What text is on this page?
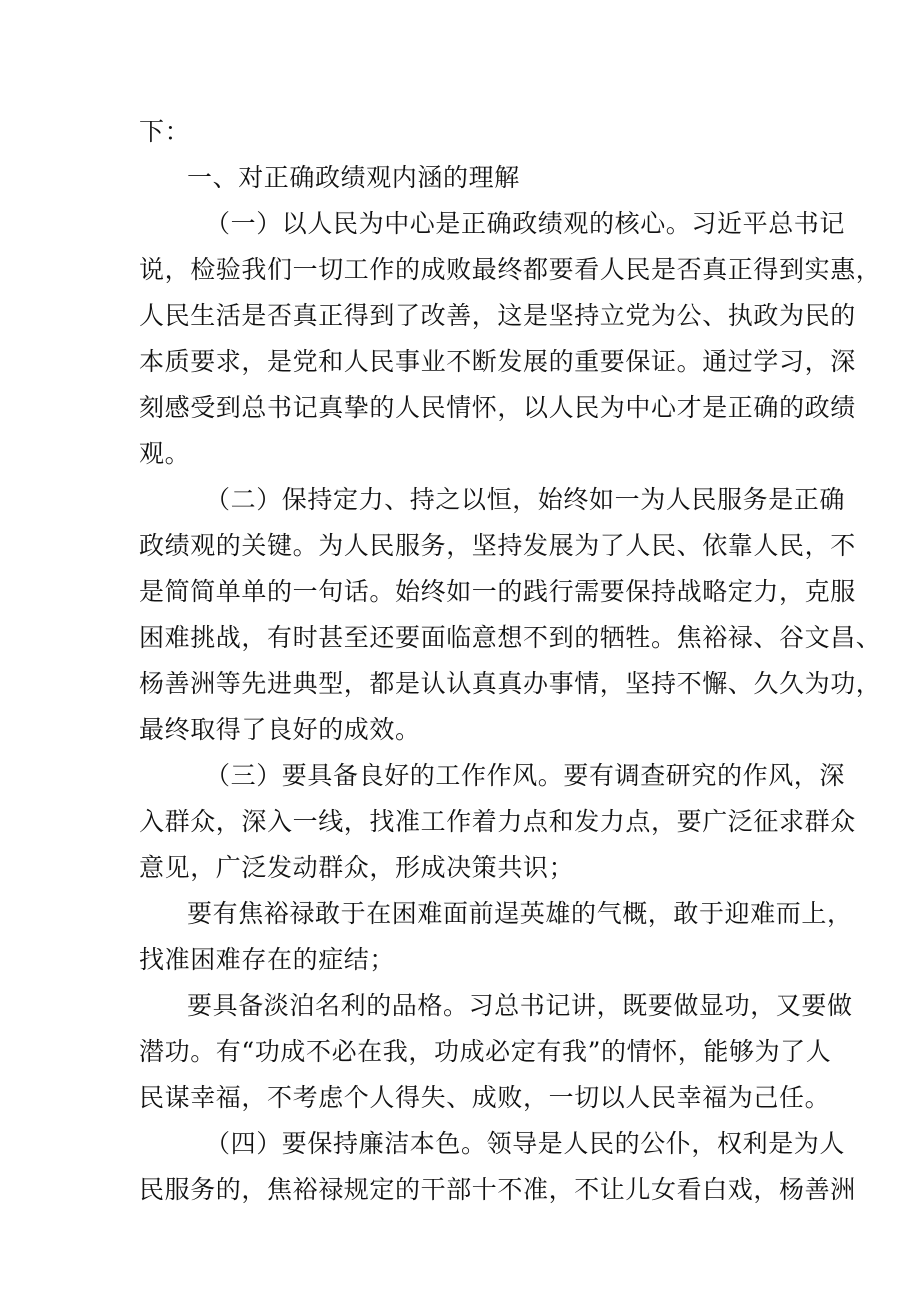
下：

一、对正确政绩观内涵的理解

（一）以人民为中心是正确政绩观的核心。习近平总书记

说，检验我们一切工作的成败最终都要看人民是否真正得到实惠，

人民生活是否真正得到了改善，这是坚持立党为公、执政为民的

本质要求，是党和人民事业不断发展的重要保证。通过学习，深

刻感受到总书记真挚的人民情怀，以人民为中心才是正确的政绩

观。

（二）保持定力、持之以恒，始终如一为人民服务是正确

政绩观的关键。为人民服务，坚持发展为了人民、依靠人民，不

是简简单单的一句话。始终如一的践行需要保持战略定力，克服

困难挑战，有时甚至还要面临意想不到的牺牲。焦裕禄、谷文昌、

杨善洲等先进典型，都是认认真真办事情，坚持不懈、久久为功，

最终取得了良好的成效。

（三）要具备良好的工作作风。要有调查研究的作风，深

入群众，深入一线，找准工作着力点和发力点，要广泛征求群众

意见，广泛发动群众，形成决策共识；

要有焦裕禄敢于在困难面前逞英雄的气概，敢于迎难而上，

找准困难存在的症结；

要具备淡泊名利的品格。习总书记讲，既要做显功，又要做

潜功。有“功成不必在我，功成必定有我”的情怀，能够为了人

民谋幸福，不考虑个人得失、成败，一切以人民幸福为己任。

（四）要保持廉洁本色。领导是人民的公仆，权利是为人

民服务的，焦裕禄规定的干部十不准，不让儿女看白戏，杨善洲
